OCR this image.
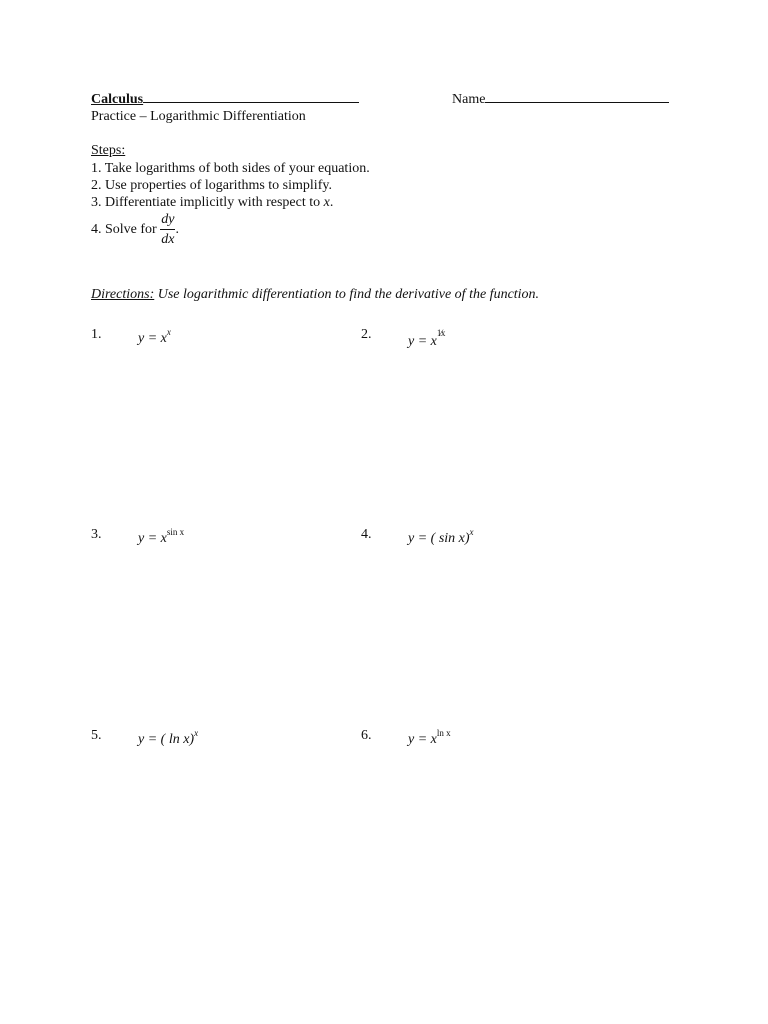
Calculus	Name
Practice – Logarithmic Differentiation
Steps:
1. Take logarithms of both sides of your equation.
2. Use properties of logarithms to simplify.
3. Differentiate implicitly with respect to x.
4. Solve for $\frac{dy}{dx}$ .
Directions: Use logarithmic differentiation to find the derivative of the function.
1.	$y = x^x$	2.	$y = x^{1⁄x}$
3.	$y = x^{sin x}$	4.	y = ( sin x)$^x$
5.	y = ( ln x)$^x$	6.	$y = x^{ln x}$
